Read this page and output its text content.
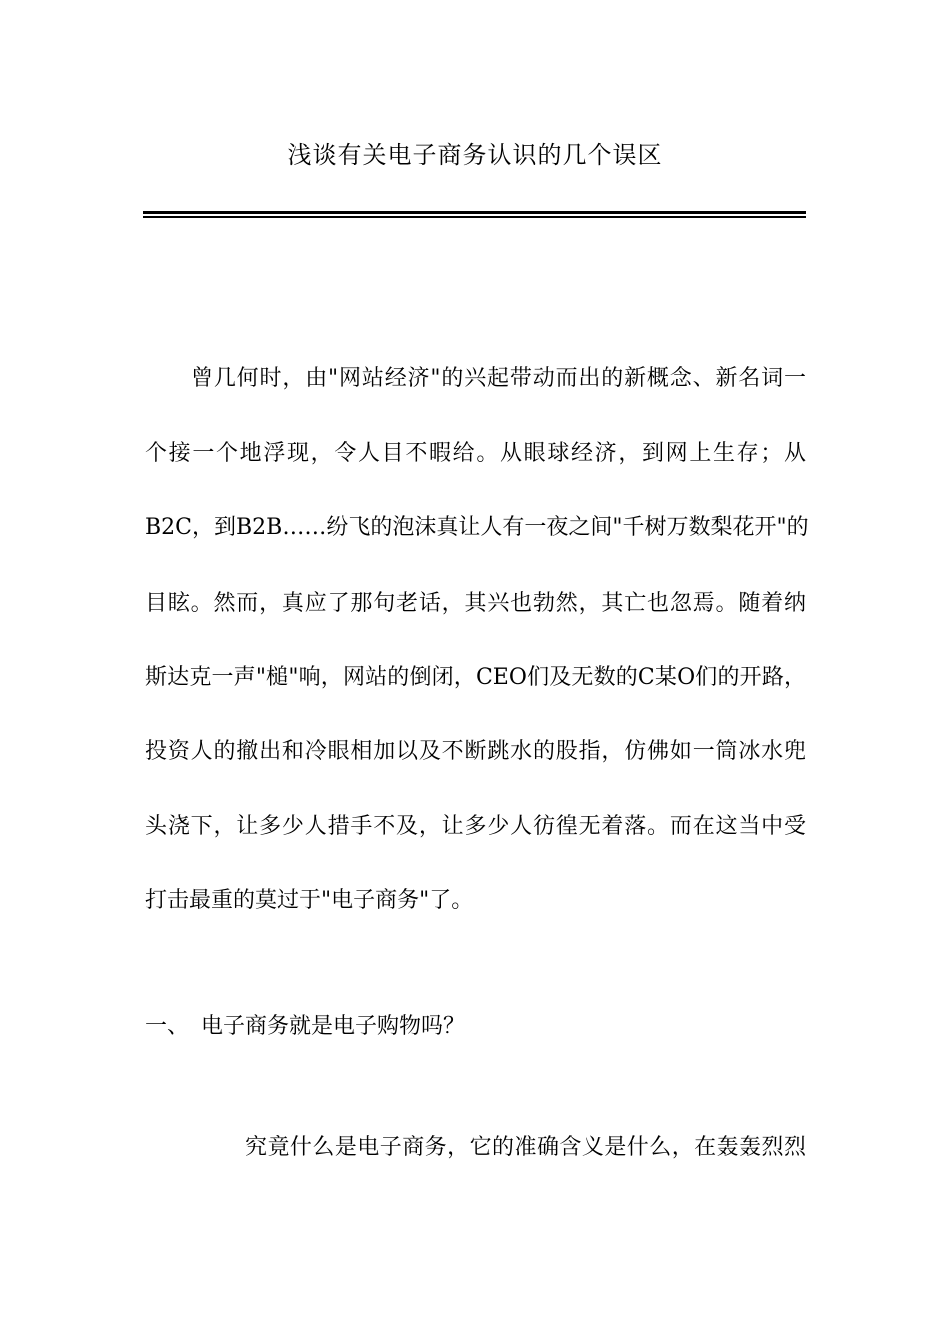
浅谈有关电子商务认识的几个误区
曾几何时，由"网站经济"的兴起带动而出的新概念、新名词一
个接一个地浮现，令人目不暇给。从眼球经济，到网上生存；从
B2C，到B2B……纷飞的泡沫真让人有一夜之间"千树万数梨花开"的
目眩。然而，真应了那句老话，其兴也勃然，其亡也忽焉。随着纳
斯达克一声"槌"响，网站的倒闭，CEO们及无数的C某O们的开路，
投资人的撤出和冷眼相加以及不断跳水的股指，仿佛如一筒冰水兜
头浇下，让多少人措手不及，让多少人彷徨无着落。而在这当中受
打击最重的莫过于"电子商务"了。
一、 电子商务就是电子购物吗？

究竟什么是电子商务，它的准确含义是什么，在轰轰烈烈
